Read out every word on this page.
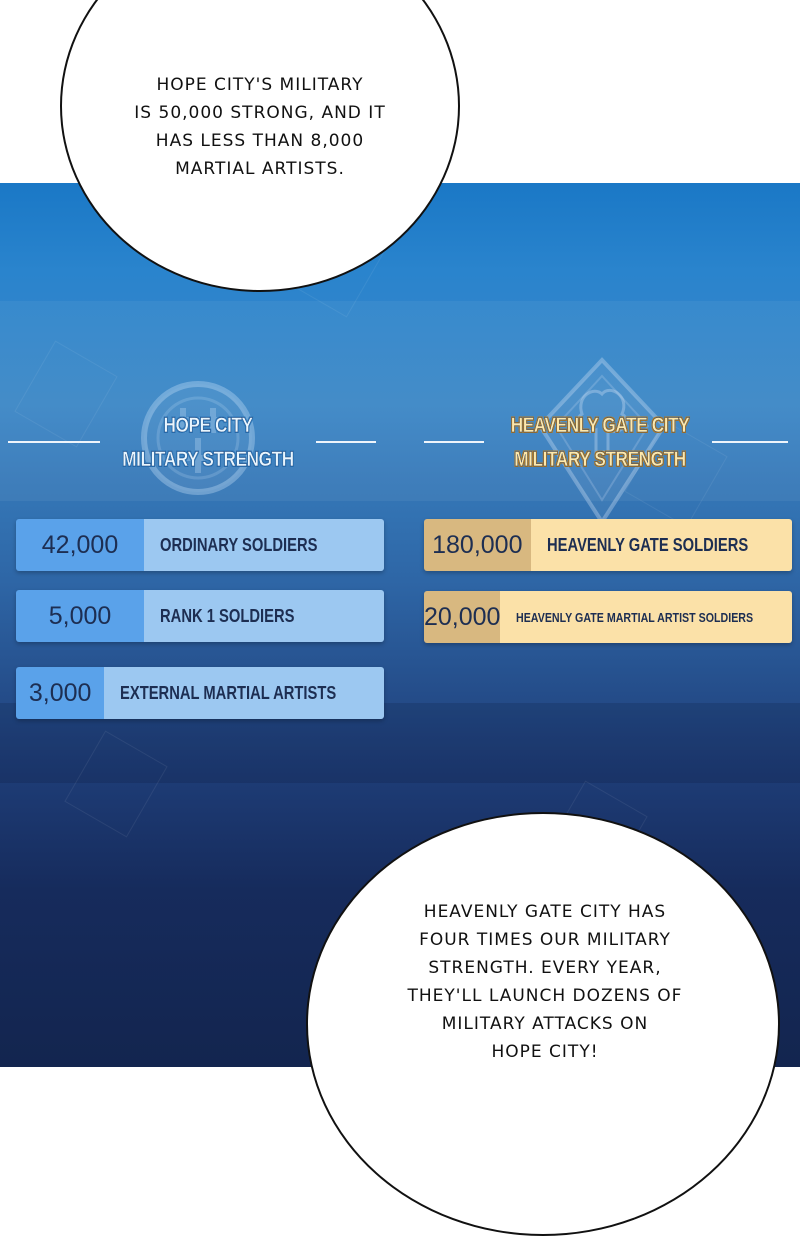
HOPE CITY
MILITARY STRENGTH
HEAVENLY GATE CITY
MILITARY STRENGTH
42,000	ORDINARY SOLDIERS
5,000	RANK 1 SOLDIERS
3,000	EXTERNAL MARTIAL ARTISTS
180,000	HEAVENLY GATE SOLDIERS
20,000 HEAVENLY GATE MARTIAL ARTIST SOLDIERS
HOPE CITY'S MILITARY
IS 50,000 STRONG, AND IT
HAS LESS THAN 8,000
MARTIAL ARTISTS.
HEAVENLY GATE CITY HAS
FOUR TIMES OUR MILITARY
STRENGTH. EVERY YEAR,
THEY'LL LAUNCH DOZENS OF
MILITARY ATTACKS ON
HOPE CITY!
